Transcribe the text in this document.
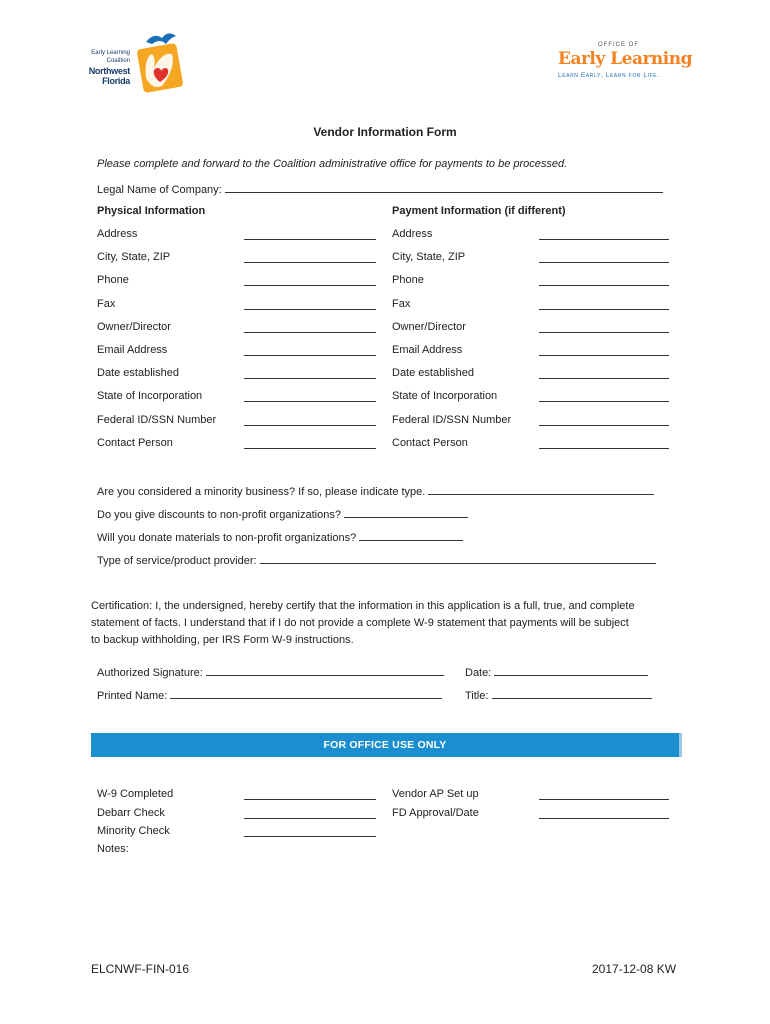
Early Learning
Coalition
Northwest
Florida
OFFICE OF
Early Learning
Learn Early. Learn for Life.
Vendor Information Form
Please complete and forward to the Coalition administrative office for payments to be processed.
Legal Name of Company:
Physical Information	Payment Information (if different)
Address	Address
City, State, ZIP	City, State, ZIP
Phone	Phone
Fax	Fax
Owner/Director	Owner/Director
Email Address	Email Address
Date established	Date established
State of Incorporation	State of Incorporation
Federal ID/SSN Number	Federal ID/SSN Number
Contact Person	Contact Person
Are you considered a minority business? If so, please indicate type.
Do you give discounts to non-profit organizations?
Will you donate materials to non-profit organizations?
Type of service/product provider:
Certification: I, the undersigned, hereby certify that the information in this application is a full, true, and complete
statement of facts. I understand that if I do not provide a complete W-9 statement that payments will be subject
to backup withholding, per IRS Form W-9 instructions.
Authorized Signature:	Date:
Printed Name:	Title:
FOR OFFICE USE ONLY
W-9 Completed	Vendor AP Set up
Debarr Check	FD Approval/Date
Minority Check
Notes:
ELCNWF-FIN-016	2017-12-08 KW
